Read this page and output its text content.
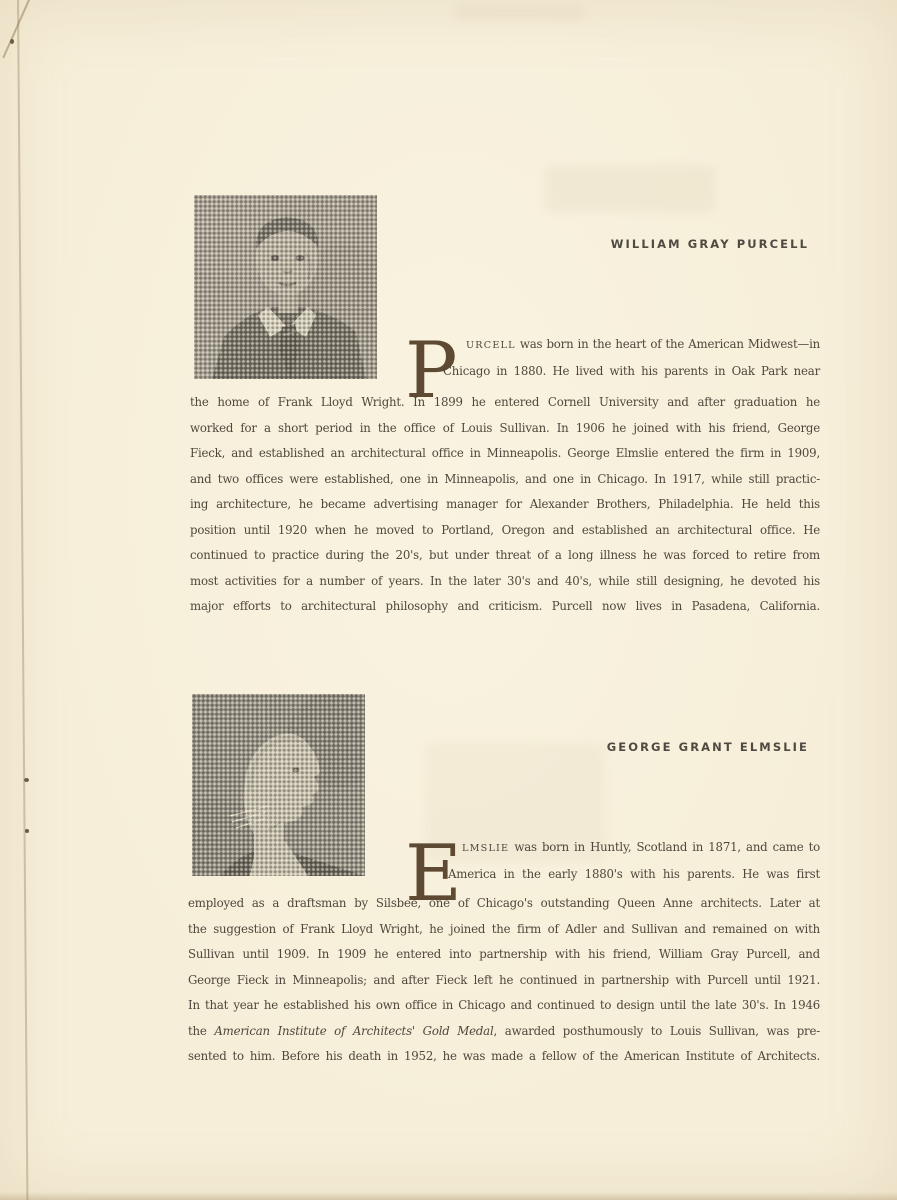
WILLIAM GRAY PURCELL
P URCELL was born in the heart of the American Midwest—in
Chicago in 1880. He lived with his parents in Oak Park near
the home of Frank Lloyd Wright. In 1899 he entered Cornell University and after graduation he
worked for a short period in the office of Louis Sullivan. In 1906 he joined with his friend, George
Fieck, and established an architectural office in Minneapolis. George Elmslie entered the firm in 1909,
and two offices were established, one in Minneapolis, and one in Chicago. In 1917, while still practic-
ing architecture, he became advertising manager for Alexander Brothers, Philadelphia. He held this
position until 1920 when he moved to Portland, Oregon and established an architectural office. He
continued to practice during the 20's, but under threat of a long illness he was forced to retire from
most activities for a number of years. In the later 30's and 40's, while still designing, he devoted his
major efforts to architectural philosophy and criticism. Purcell now lives in Pasadena, California.
GEORGE GRANT ELMSLIE
E LMSLIE was born in Huntly, Scotland in 1871, and came to
America in the early 1880's with his parents. He was first
employed as a draftsman by Silsbee, one of Chicago's outstanding Queen Anne architects. Later at
the suggestion of Frank Lloyd Wright, he joined the firm of Adler and Sullivan and remained on with
Sullivan until 1909. In 1909 he entered into partnership with his friend, William Gray Purcell, and
George Fieck in Minneapolis; and after Fieck left he continued in partnership with Purcell until 1921.
In that year he established his own office in Chicago and continued to design until the late 30's. In 1946
the American Institute of Architects' Gold Medal, awarded posthumously to Louis Sullivan, was pre-
sented to him. Before his death in 1952, he was made a fellow of the American Institute of Architects.
